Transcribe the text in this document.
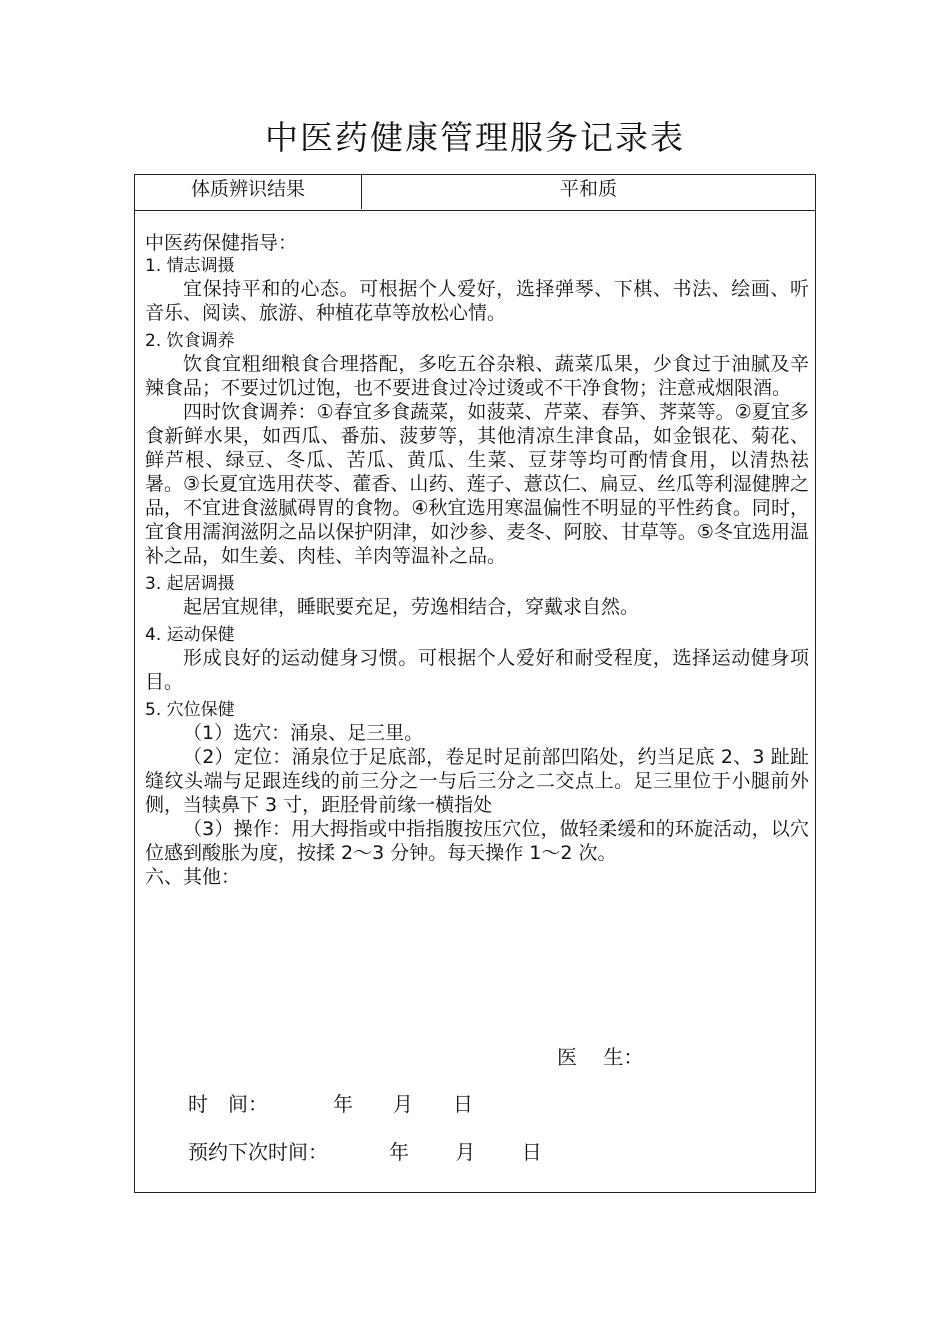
中医药健康管理服务记录表
体质辨识结果	平和质

中医药保健指导：

1. 情志调摄

宜保持平和的心态。可根据个人爱好，选择弹琴、下棋、书法、绘画、听音乐、阅读、旅游、种植花草等放松心情。

2. 饮食调养

饮食宜粗细粮食合理搭配，多吃五谷杂粮、蔬菜瓜果，少食过于油腻及辛辣食品；不要过饥过饱，也不要进食过冷过烫或不干净食物；注意戒烟限酒。

四时饮食调养：①春宜多食蔬菜，如菠菜、芹菜、春笋、荠菜等。②夏宜多食新鲜水果，如西瓜、番茄、菠萝等，其他清凉生津食品，如金银花、菊花、鲜芦根、绿豆、冬瓜、苦瓜、黄瓜、生菜、豆芽等均可酌情食用，以清热祛暑。③长夏宜选用茯苓、藿香、山药、莲子、薏苡仁、扁豆、丝瓜等利湿健脾之品，不宜进食滋腻碍胃的食物。④秋宜选用寒温偏性不明显的平性药食。同时，宜食用濡润滋阴之品以保护阴津，如沙参、麦冬、阿胶、甘草等。⑤冬宜选用温补之品，如生姜、肉桂、羊肉等温补之品。

3. 起居调摄

起居宜规律，睡眠要充足，劳逸相结合，穿戴求自然。

4. 运动保健

形成良好的运动健身习惯。可根据个人爱好和耐受程度，选择运动健身项目。

5. 穴位保健

（1）选穴：涌泉、足三里。

（2）定位：涌泉位于足底部，卷足时足前部凹陷处，约当足底 2、3 趾趾缝纹头端与足跟连线的前三分之一与后三分之二交点上。足三里位于小腿前外侧，当犊鼻下 3 寸，距胫骨前缘一横指处

（3）操作：用大拇指或中指指腹按压穴位，做轻柔缓和的环旋活动，以穴位感到酸胀为度，按揉 2～3 分钟。每天操作 1～2 次。

六、其他：

医　 生：
时　间：	年　　月　　日
预约下次时间：	年　　 月　　 日
